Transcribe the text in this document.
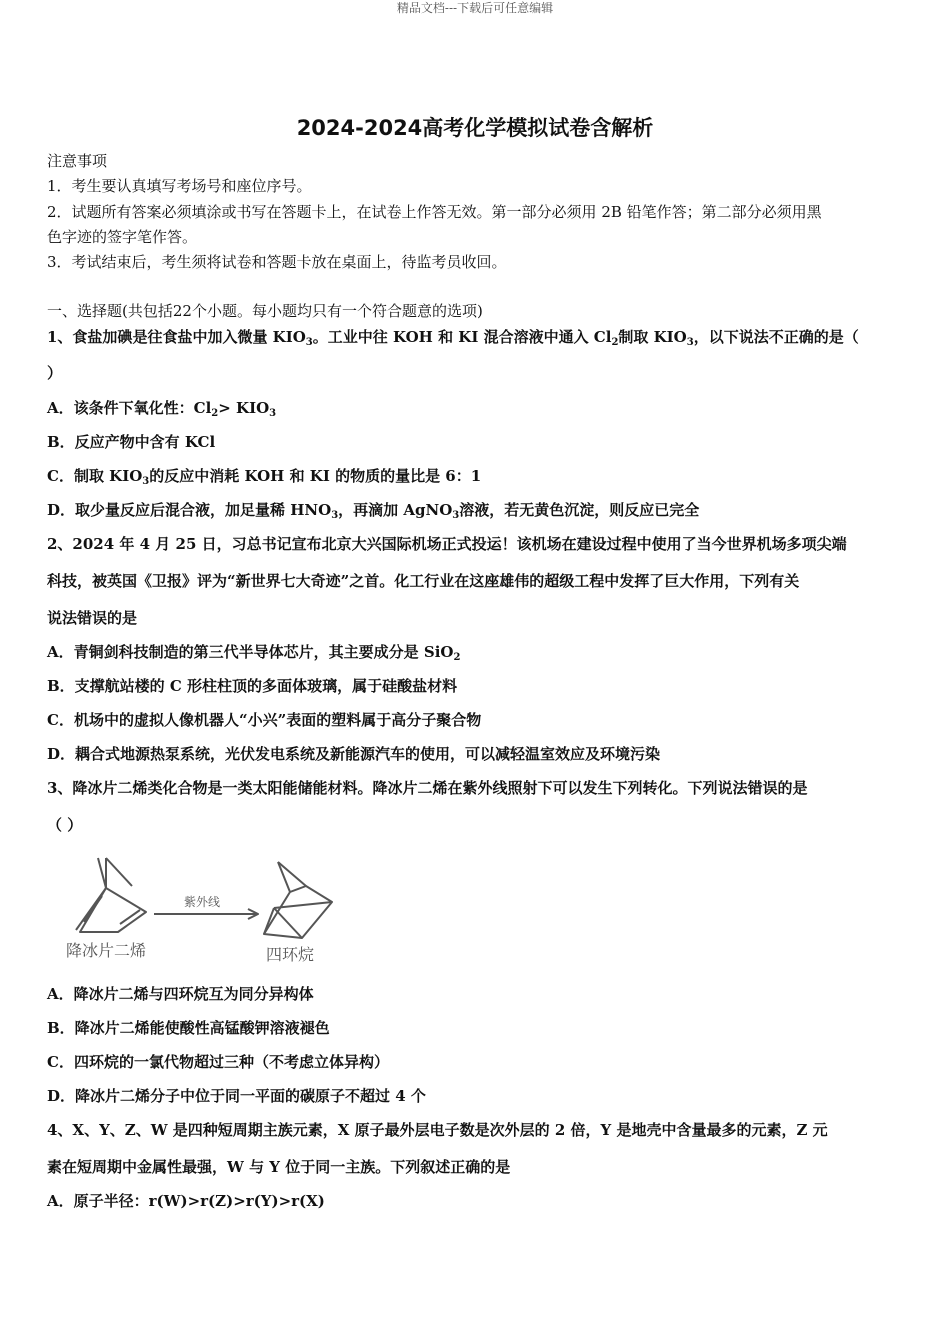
精品文档---下载后可任意编辑
2024-2024高考化学模拟试卷含解析
注意事项
1．考生要认真填写考场号和座位序号。
2．试题所有答案必须填涂或书写在答题卡上，在试卷上作答无效。第一部分必须用 2B 铅笔作答；第二部分必须用黑
色字迹的签字笔作答。
3．考试结束后，考生须将试卷和答题卡放在桌面上，待监考员收回。
一、选择题(共包括22个小题。每小题均只有一个符合题意的选项)
1、食盐加碘是往食盐中加入微量 $KIO_3$。工业中往 KOH 和 KI 混合溶液中通入 $Cl_2$制取 $KIO_3$，以下说法不正确的是（
）
A．该条件下氧化性：$Cl_2> KIO_3$
B．反应产物中含有 KCl
C．制取 $KIO_3$的反应中消耗 KOH 和 KI 的物质的量比是 6：1
D．取少量反应后混合液，加足量稀 $HNO_3$，再滴加 AgNO$_3$溶液，若无黄色沉淀，则反应已完全
2、2024 年 4 月 25 日，习总书记宣布北京大兴国际机场正式投运！该机场在建设过程中使用了当今世界机场多项尖端
科技，被英国《卫报》评为“新世界七大奇迹”之首。化工行业在这座雄伟的超级工程中发挥了巨大作用，下列有关
说法错误的是
A．青铜剑科技制造的第三代半导体芯片，其主要成分是 SiO$_2$
B．支撑航站楼的 C 形柱柱顶的多面体玻璃，属于硅酸盐材料
C．机场中的虚拟人像机器人“小兴”表面的塑料属于高分子聚合物
D．耦合式地源热泵系统，光伏发电系统及新能源汽车的使用，可以减轻温室效应及环境污染
3、降冰片二烯类化合物是一类太阳能储能材料。降冰片二烯在紫外线照射下可以发生下列转化。下列说法错误的是
（ ）
降冰片二烯
紫外线
四环烷
A．降冰片二烯与四环烷互为同分异构体
B．降冰片二烯能使酸性高锰酸钾溶液褪色
C．四环烷的一氯代物超过三种（不考虑立体异构）
D．降冰片二烯分子中位于同一平面的碳原子不超过 4 个
4、X、Y、Z、W 是四种短周期主族元素，X 原子最外层电子数是次外层的 2 倍，Y 是地壳中含量最多的元素，Z 元
素在短周期中金属性最强，W 与 Y 位于同一主族。下列叙述正确的是
A．原子半径：r(W)>r(Z)>r(Y)>r(X)
